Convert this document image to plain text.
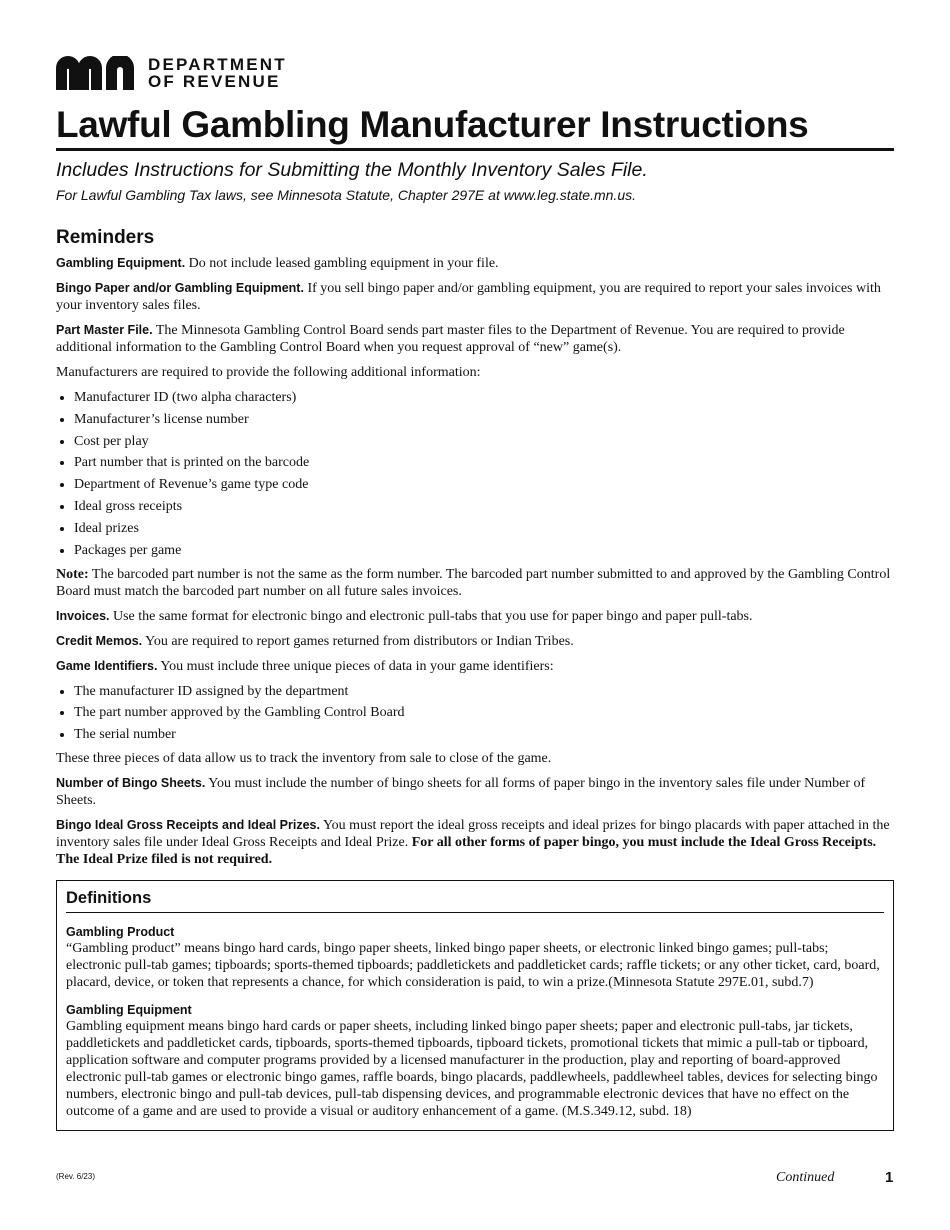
DEPARTMENT
OF REVENUE
Lawful Gambling Manufacturer Instructions
Includes Instructions for Submitting the Monthly Inventory Sales File.
For Lawful Gambling Tax laws, see Minnesota Statute, Chapter 297E at www.leg.state.mn.us.
Reminders

Gambling Equipment. Do not include leased gambling equipment in your file.

Bingo Paper and/or Gambling Equipment. If you sell bingo paper and/or gambling equipment, you are required to report your sales invoices with your inventory sales files.

Part Master File. The Minnesota Gambling Control Board sends part master files to the Department of Revenue. You are required to provide additional information to the Gambling Control Board when you request approval of “new” game(s).

Manufacturers are required to provide the following additional information:

• Manufacturer ID (two alpha characters)
• Manufacturer’s license number
• Cost per play
• Part number that is printed on the barcode
• Department of Revenue’s game type code
• Ideal gross receipts
• Ideal prizes
• Packages per game

Note: The barcoded part number is not the same as the form number. The barcoded part number submitted to and approved by the Gambling Control Board must match the barcoded part number on all future sales invoices.

Invoices. Use the same format for electronic bingo and electronic pull-tabs that you use for paper bingo and paper pull-tabs.

Credit Memos. You are required to report games returned from distributors or Indian Tribes.

Game Identifiers. You must include three unique pieces of data in your game identifiers:

• The manufacturer ID assigned by the department
• The part number approved by the Gambling Control Board
• The serial number

These three pieces of data allow us to track the inventory from sale to close of the game.

Number of Bingo Sheets. You must include the number of bingo sheets for all forms of paper bingo in the inventory sales file under Number of Sheets.

Bingo Ideal Gross Receipts and Ideal Prizes. You must report the ideal gross receipts and ideal prizes for bingo placards with paper attached in the inventory sales file under Ideal Gross Receipts and Ideal Prize. For all other forms of paper bingo, you must include the Ideal Gross Receipts. The Ideal Prize filed is not required.

Definitions
Gambling Product

“Gambling product” means bingo hard cards, bingo paper sheets, linked bingo paper sheets, or electronic linked bingo games; pull-tabs; electronic pull-tab games; tipboards; sports-themed tipboards; paddletickets and paddleticket cards; raffle tickets; or any other ticket, card, board, placard, device, or token that represents a chance, for which consideration is paid, to win a prize.(Minnesota Statute 297E.01, subd.7)

Gambling Equipment

Gambling equipment means bingo hard cards or paper sheets, including linked bingo paper sheets; paper and electronic pull-tabs, jar tickets, paddletickets and paddleticket cards, tipboards, sports-themed tipboards, tipboard tickets, promotional tickets that mimic a pull-tab or tipboard, application software and computer programs provided by a licensed manufacturer in the production, play and reporting of board-approved electronic pull-tab games or electronic bingo games, raffle boards, bingo placards, paddlewheels, paddlewheel tables, devices for selecting bingo numbers, electronic bingo and pull-tab devices, pull-tab dispensing devices, and programmable electronic devices that have no effect on the outcome of a game and are used to provide a visual or auditory enhancement of a game. (M.S.349.12, subd. 18)

(Rev. 6/23)	Continued	1
